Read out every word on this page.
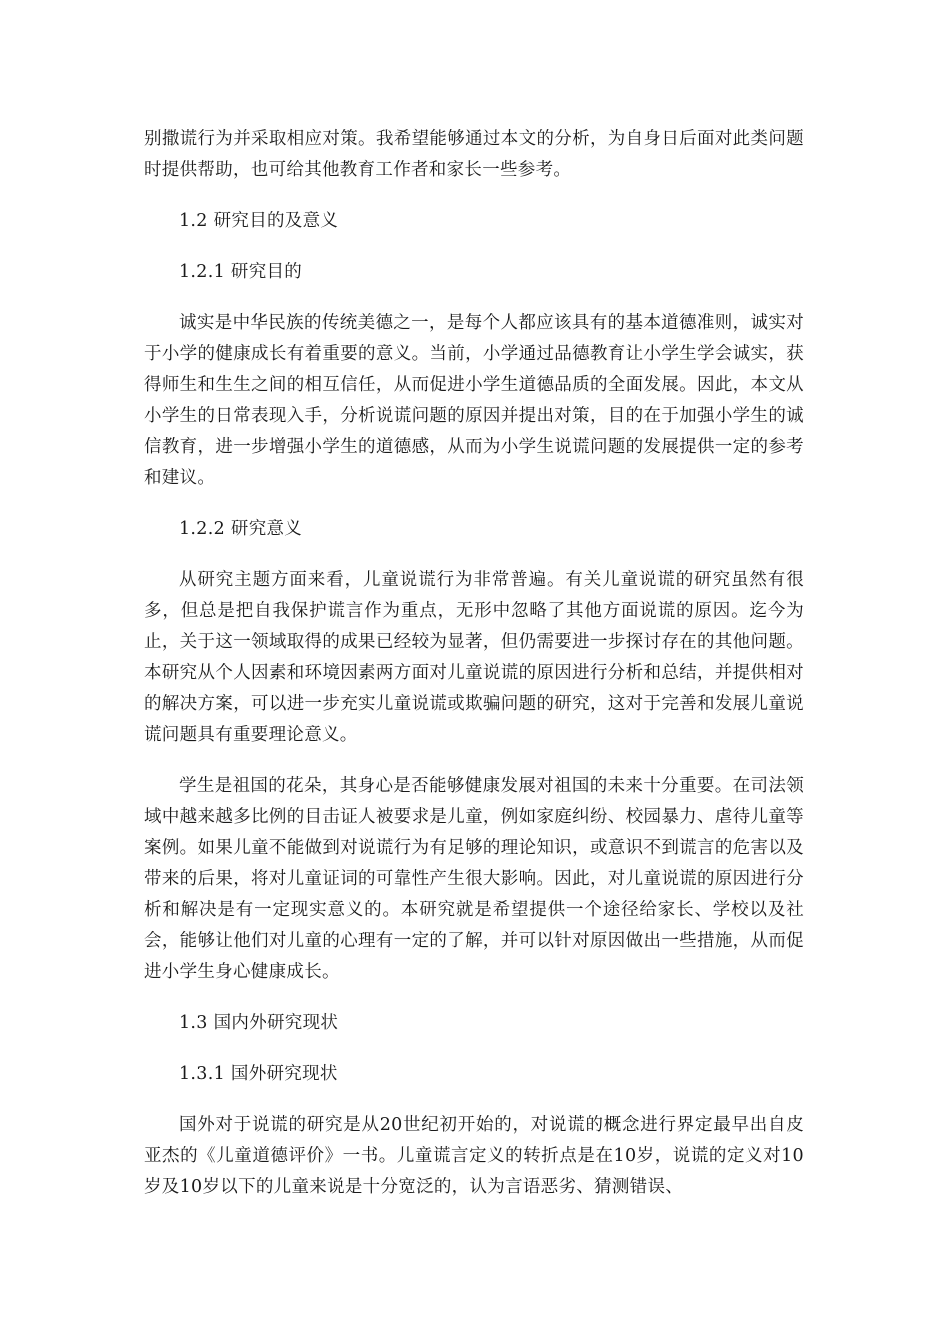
别撒谎行为并采取相应对策。我希望能够通过本文的分析，为自身日后面对此类问题时提供帮助，也可给其他教育工作者和家长一些参考。

1.2 研究目的及意义

1.2.1 研究目的

诚实是中华民族的传统美德之一，是每个人都应该具有的基本道德准则，诚实对于小学的健康成长有着重要的意义。当前，小学通过品德教育让小学生学会诚实，获得师生和生生之间的相互信任，从而促进小学生道德品质的全面发展。因此，本文从小学生的日常表现入手，分析说谎问题的原因并提出对策，目的在于加强小学生的诚信教育，进一步增强小学生的道德感，从而为小学生说谎问题的发展提供一定的参考和建议。

1.2.2 研究意义

从研究主题方面来看，儿童说谎行为非常普遍。有关儿童说谎的研究虽然有很多，但总是把自我保护谎言作为重点，无形中忽略了其他方面说谎的原因。迄今为止，关于这一领域取得的成果已经较为显著，但仍需要进一步探讨存在的其他问题。本研究从个人因素和环境因素两方面对儿童说谎的原因进行分析和总结，并提供相对的解决方案，可以进一步充实儿童说谎或欺骗问题的研究，这对于完善和发展儿童说谎问题具有重要理论意义。

学生是祖国的花朵，其身心是否能够健康发展对祖国的未来十分重要。在司法领域中越来越多比例的目击证人被要求是儿童，例如家庭纠纷、校园暴力、虐待儿童等案例。如果儿童不能做到对说谎行为有足够的理论知识，或意识不到谎言的危害以及带来的后果，将对儿童证词的可靠性产生很大影响。因此，对儿童说谎的原因进行分析和解决是有一定现实意义的。本研究就是希望提供一个途径给家长、学校以及社会，能够让他们对儿童的心理有一定的了解，并可以针对原因做出一些措施，从而促进小学生身心健康成长。

1.3 国内外研究现状

1.3.1 国外研究现状

国外对于说谎的研究是从20世纪初开始的，对说谎的概念进行界定最早出自皮亚杰的《儿童道德评价》一书。儿童谎言定义的转折点是在10岁，说谎的定义对10岁及10岁以下的儿童来说是十分宽泛的，认为言语恶劣、猜测错误、
